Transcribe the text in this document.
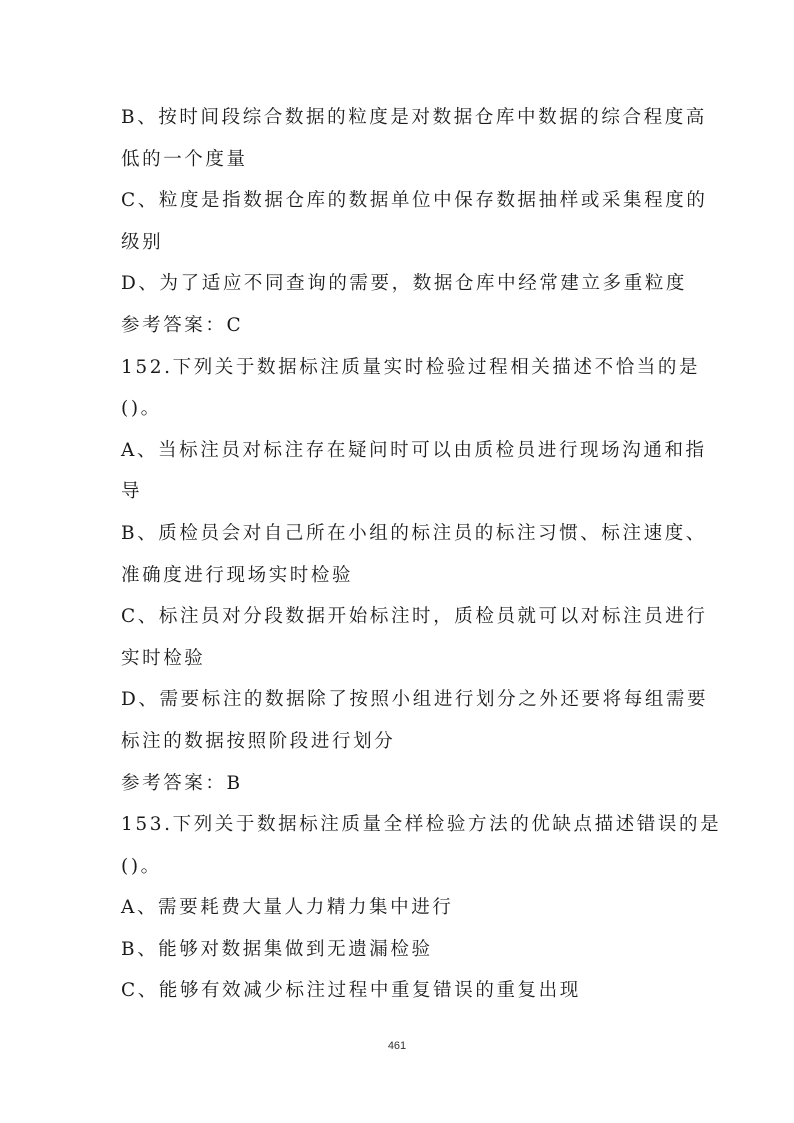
B、按时间段综合数据的粒度是对数据仓库中数据的综合程度高
低的一个度量
C、粒度是指数据仓库的数据单位中保存数据抽样或采集程度的
级别
D、为了适应不同查询的需要，数据仓库中经常建立多重粒度
参考答案：C
152.下列关于数据标注质量实时检验过程相关描述不恰当的是
()。
A、当标注员对标注存在疑问时可以由质检员进行现场沟通和指
导
B、质检员会对自己所在小组的标注员的标注习惯、标注速度、
准确度进行现场实时检验
C、标注员对分段数据开始标注时，质检员就可以对标注员进行
实时检验
D、需要标注的数据除了按照小组进行划分之外还要将每组需要
标注的数据按照阶段进行划分
参考答案：B
153.下列关于数据标注质量全样检验方法的优缺点描述错误的是
()。
A、需要耗费大量人力精力集中进行
B、能够对数据集做到无遗漏检验
C、能够有效减少标注过程中重复错误的重复出现
461
